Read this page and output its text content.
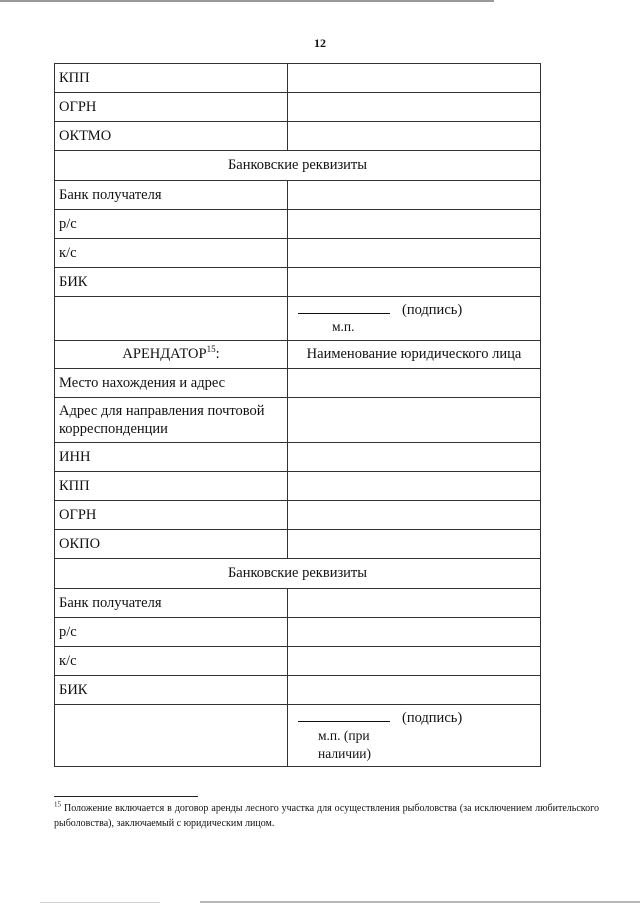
12
КПП	
ОГРН	
ОКТМО	
Банковские реквизиты	
Банк получателя	
р/с	
к/с	
БИК	
	(подпись)
м.п.

АРЕНДАТОР$^{15}$:	Наименование юридического лица
Место нахождения и адрес	
Адрес для направления почтовой корреспонденции	
ИНН	
КПП	
ОГРН	
ОКПО	
Банковские реквизиты	
Банк получателя	
р/с	
к/с	
БИК	
	(подпись)
м.п. (при
наличии)
$^{15}$ Положение включается в договор аренды лесного участка для осуществления рыболовства (за исключением любительского рыболовства), заключаемый с юридическим лицом.
